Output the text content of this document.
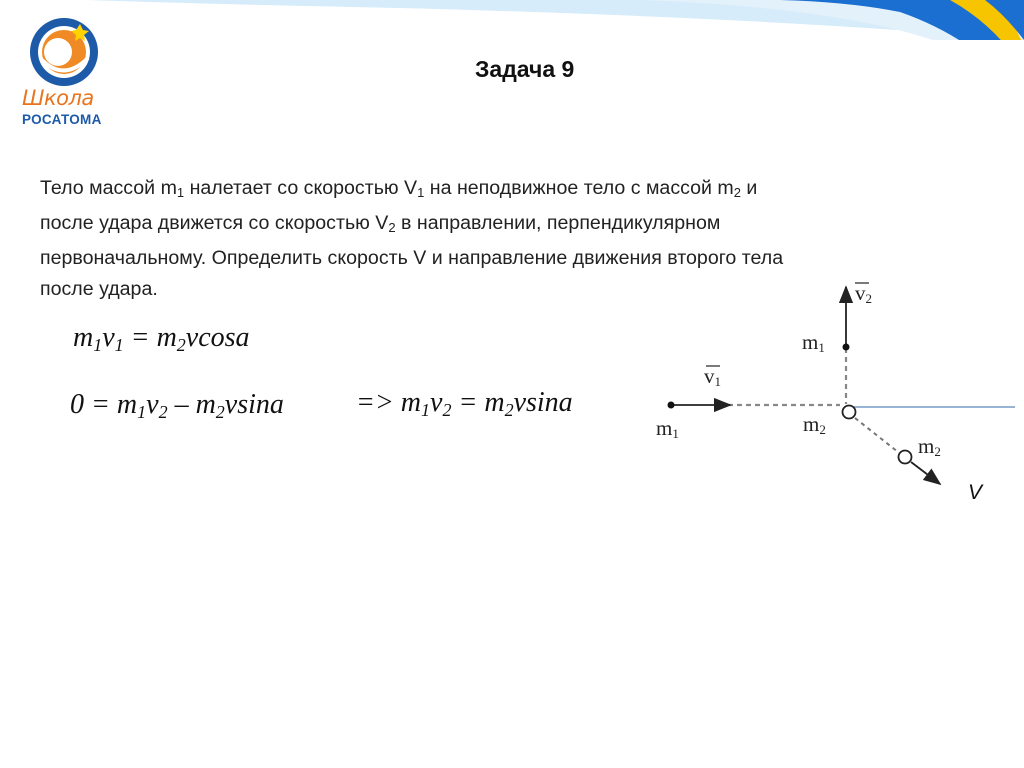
Школа
РОСАТОМА
Задача 9
Тело массой $m_1$ налетает со скоростью $V_1$ на неподвижное тело с массой $m_2$ и
после удара движется со скоростью $V_2$ в направлении, перпендикулярном
первоначальному. Определить скорость V и направление движения второго тела
после удара.
$m_1v_1 = m_2vcosa$
$0 = m_1v_2 - m_2vsina$	=> $m_1v_2 = m_2vsina$
$v_2$
$v_1$
$m_1$
$m_1$	$m_2$
$m_2$
V
